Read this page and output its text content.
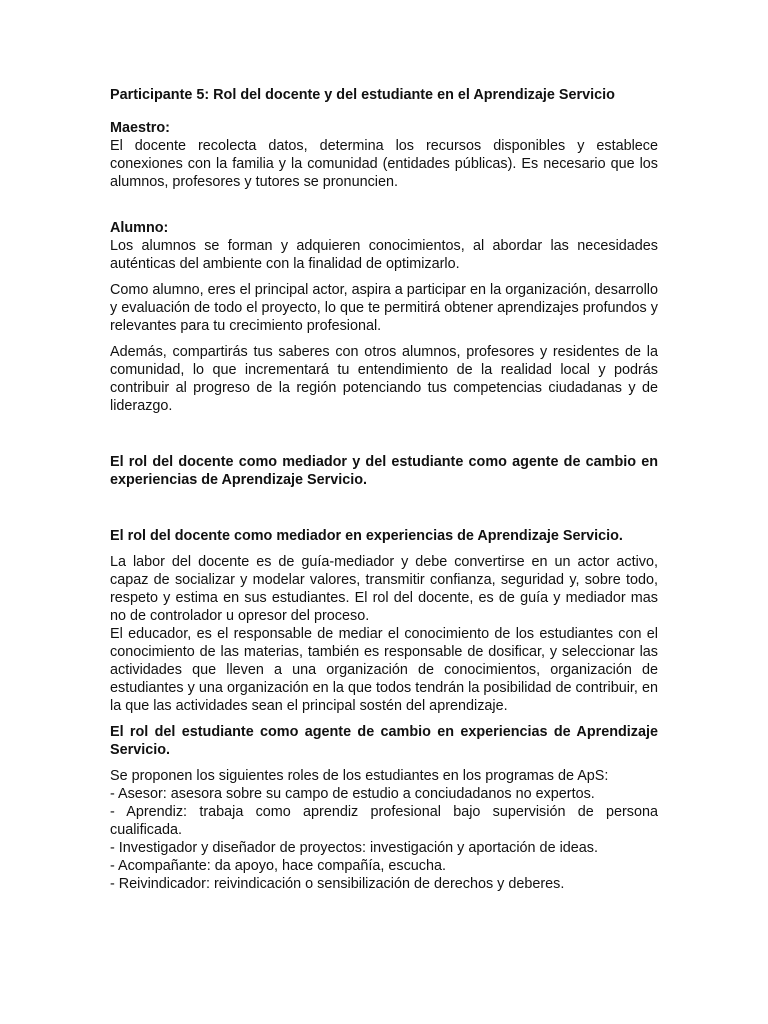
Participante 5: Rol del docente y del estudiante en el Aprendizaje Servicio

Maestro:

El docente recolecta datos, determina los recursos disponibles y establece conexiones con la familia y la comunidad (entidades públicas). Es necesario que los alumnos, profesores y tutores se pronuncien.

Alumno:

Los alumnos se forman y adquieren conocimientos, al abordar las necesidades auténticas del ambiente con la finalidad de optimizarlo.

Como alumno, eres el principal actor, aspira a participar en la organización, desarrollo y evaluación de todo el proyecto, lo que te permitirá obtener aprendizajes profundos y relevantes para tu crecimiento profesional.

Además, compartirás tus saberes con otros alumnos, profesores y residentes de la comunidad, lo que incrementará tu entendimiento de la realidad local y podrás contribuir al progreso de la región potenciando tus competencias ciudadanas y de liderazgo.

El rol del docente como mediador y del estudiante como agente de cambio en experiencias de Aprendizaje Servicio.

El rol del docente como mediador en experiencias de Aprendizaje Servicio.

La labor del docente es de guía-mediador y debe convertirse en un actor activo, capaz de socializar y modelar valores, transmitir confianza, seguridad y, sobre todo, respeto y estima en sus estudiantes. El rol del docente, es de guía y mediador mas no de controlador u opresor del proceso.

El educador, es el responsable de mediar el conocimiento de los estudiantes con el conocimiento de las materias, también es responsable de dosificar, y seleccionar las actividades que lleven a una organización de conocimientos, organización de estudiantes y una organización en la que todos tendrán la posibilidad de contribuir, en la que las actividades sean el principal sostén del aprendizaje.

El rol del estudiante como agente de cambio en experiencias de Aprendizaje Servicio.

Se proponen los siguientes roles de los estudiantes en los programas de ApS:

- Asesor: asesora sobre su campo de estudio a conciudadanos no expertos.

- Aprendiz: trabaja como aprendiz profesional bajo supervisión de persona cualificada.

- Investigador y diseñador de proyectos: investigación y aportación de ideas.

- Acompañante: da apoyo, hace compañía, escucha.

- Reivindicador: reivindicación o sensibilización de derechos y deberes.
